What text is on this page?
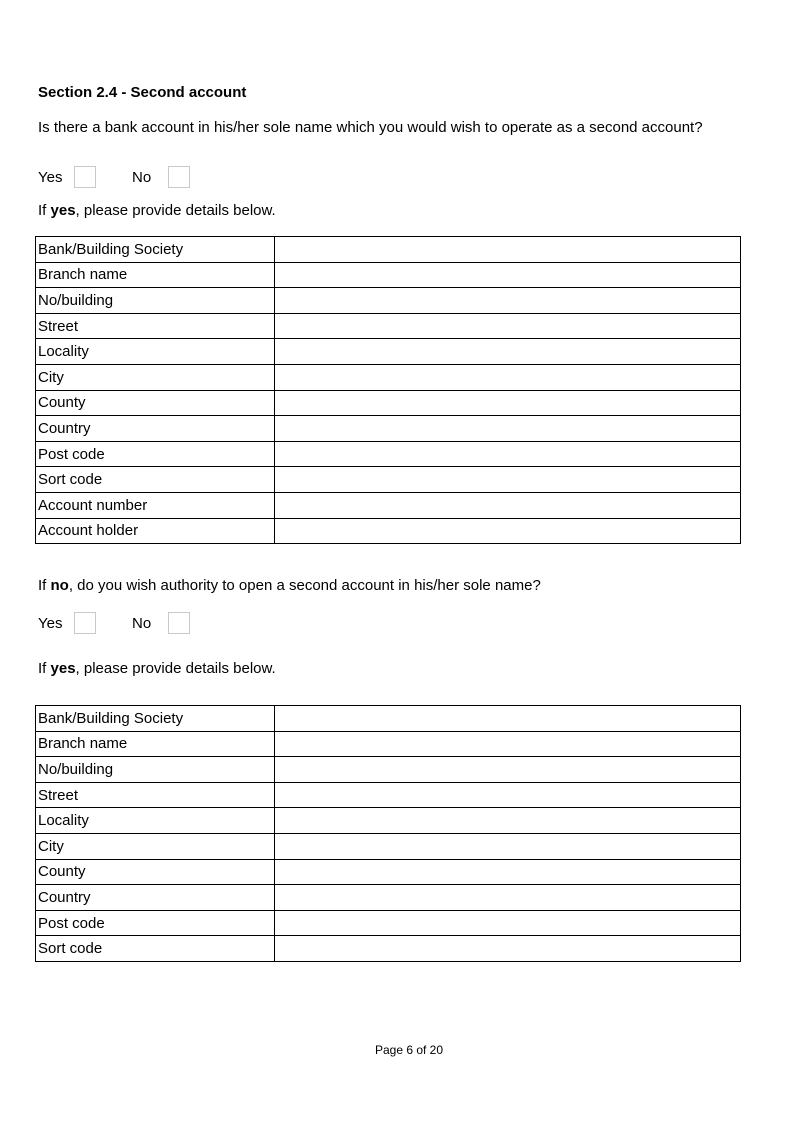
Section 2.4 - Second account
Is there a bank account in his/her sole name which you would wish to operate as a second account?
Yes	No
If yes, please provide details below.
Bank/Building Society	
Branch name	
No/building	
Street	
Locality	
City	
County	
Country	
Post code	
Sort code	
Account number	
Account holder	
If no, do you wish authority to open a second account in his/her sole name?
Yes	No
If yes, please provide details below.
Bank/Building Society	
Branch name	
No/building	
Street	
Locality	
City	
County	
Country	
Post code	
Sort code	
Page 6 of 20
